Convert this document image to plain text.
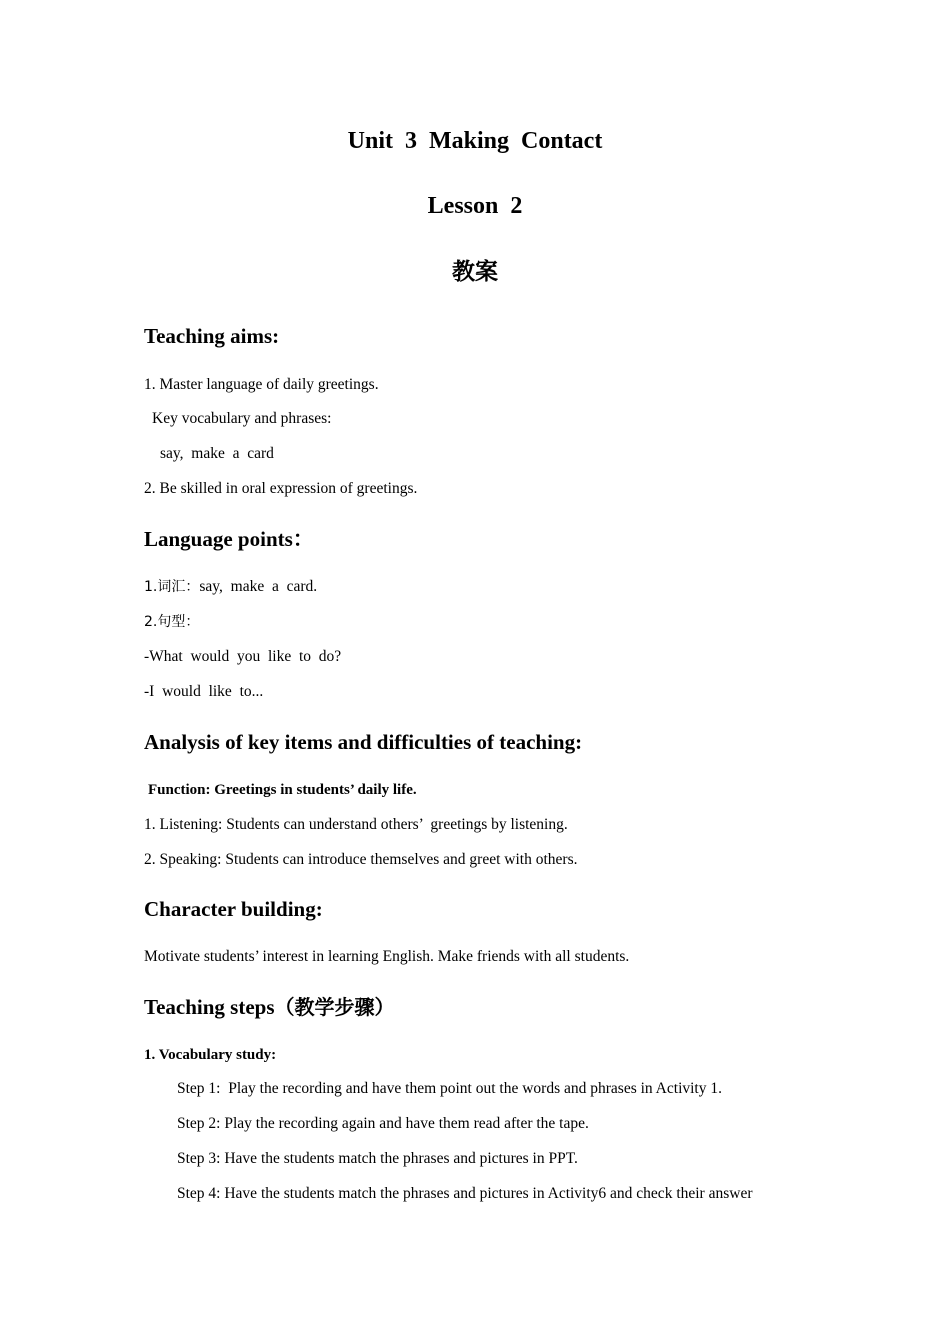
Unit  3  Making  Contact
Lesson  2
教案
Teaching aims:
1. Master language of daily greetings.
Key vocabulary and phrases:
say,  make  a  card
2. Be skilled in oral expression of greetings.
Language points：
1.词汇：say,  make  a  card.
2.句型：
-What  would  you  like  to  do?
-I  would  like  to...
Analysis of key items and difficulties of teaching:
Function: Greetings in students’ daily life.
1. Listening: Students can understand others’  greetings by listening.
2. Speaking: Students can introduce themselves and greet with others.
Character building:
Motivate students’ interest in learning English. Make friends with all students.
Teaching steps（教学步骤）
1. Vocabulary study:
Step 1:  Play the recording and have them point out the words and phrases in Activity 1.
Step 2: Play the recording again and have them read after the tape.
Step 3: Have the students match the phrases and pictures in PPT.
Step 4: Have the students match the phrases and pictures in Activity6 and check their answer
